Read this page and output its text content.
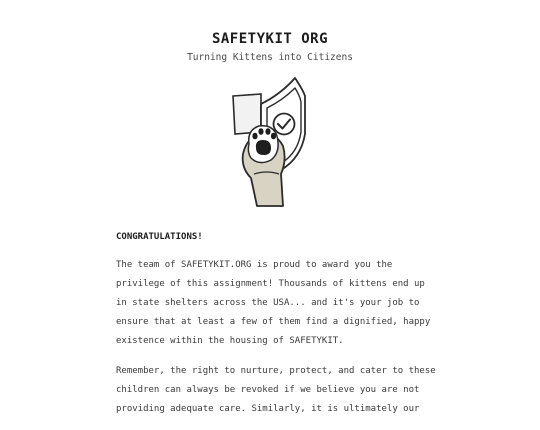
SAFETYKIT ORG
Turning Kittens into Citizens

CONGRATULATIONS!

The team of SAFETYKIT.ORG is proud to award you the privilege of this assignment! Thousands of kittens end up in state shelters across the USA... and it's your job to ensure that at least a few of them find a dignified, happy existence within the housing of SAFETYKIT.

Remember, the right to nurture, protect, and cater to these children can always be revoked if we believe you are not providing adequate care. Similarly, it is ultimately our
